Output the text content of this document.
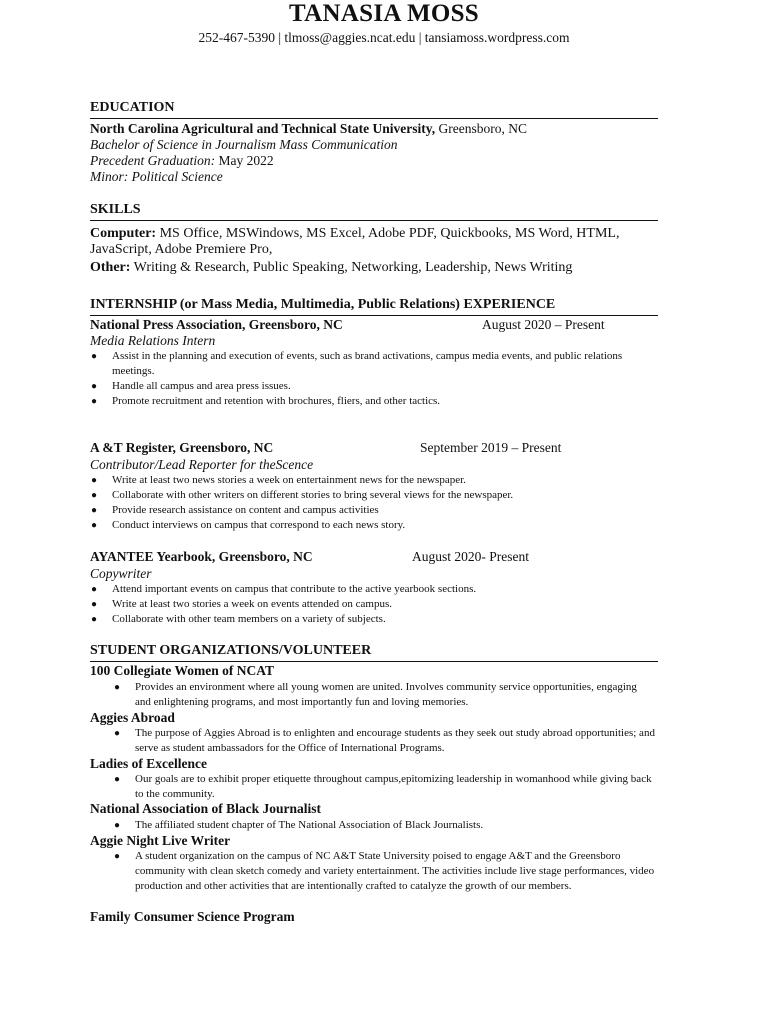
TANASIA MOSS
252-467-5390 | tlmoss@aggies.ncat.edu | tansiamoss.wordpress.com
EDUCATION
North Carolina Agricultural and Technical State University, Greensboro, NC
Bachelor of Science in Journalism Mass Communication
Precedent Graduation: May 2022
Minor: Political Science
SKILLS
Computer: MS Office, MSWindows, MS Excel, Adobe PDF, Quickbooks, MS Word, HTML,
JavaScript, Adobe Premiere Pro,
Other: Writing & Research, Public Speaking, Networking, Leadership, News Writing
INTERNSHIP (or Mass Media, Multimedia, Public Relations) EXPERIENCE
National Press Association, Greensboro, NC	August 2020 – Present
Media Relations Intern
● Assist in the planning and execution of events, such as brand activations, campus media events, and public relations meetings.
● Handle all campus and area press issues.
● Promote recruitment and retention with brochures, fliers, and other tactics.
A &T Register, Greensboro, NC	September 2019 – Present
Contributor/Lead Reporter for theScence
● Write at least two news stories a week on entertainment news for the newspaper.
● Collaborate with other writers on different stories to bring several views for the newspaper.
● Provide research assistance on content and campus activities
● Conduct interviews on campus that correspond to each news story.
AYANTEE Yearbook, Greensboro, NC	August 2020- Present
Copywriter
● Attend important events on campus that contribute to the active yearbook sections.
● Write at least two stories a week on events attended on campus.
● Collaborate with other team members on a variety of subjects.
STUDENT ORGANIZATIONS/VOLUNTEER
100 Collegiate Women of NCAT
● Provides an environment where all young women are united. Involves community service opportunities, engaging and enlightening programs, and most importantly fun and loving memories.
Aggies Abroad
● The purpose of Aggies Abroad is to enlighten and encourage students as they seek out study abroad opportunities; and serve as student ambassadors for the Office of International Programs.
Ladies of Excellence
● Our goals are to exhibit proper etiquette throughout campus,epitomizing leadership in womanhood while giving back to the community.
National Association of Black Journalist
● The affiliated student chapter of The National Association of Black Journalists.
Aggie Night Live Writer
● A student organization on the campus of NC A&T State University poised to engage A&T and the Greensboro community with clean sketch comedy and variety entertainment. The activities include live stage performances, video production and other activities that are intentionally crafted to catalyze the growth of our members.
Family Consumer Science Program
